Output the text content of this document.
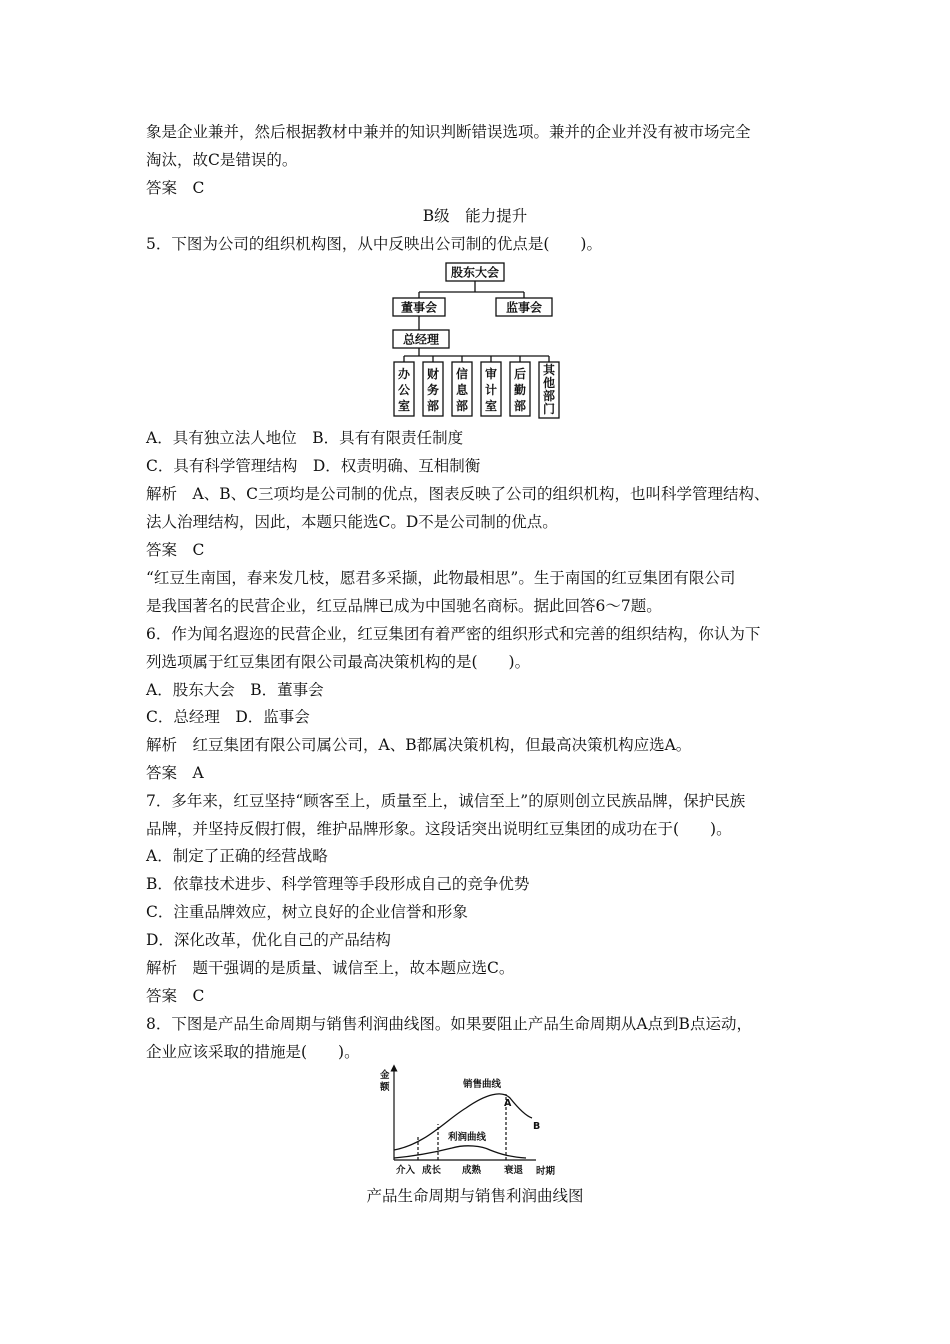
象是企业兼并，然后根据教材中兼并的知识判断错误选项。兼并的企业并没有被市场完全
淘汰，故C是错误的。
答案　C
B级　能力提升
5．下图为公司的组织机构图，从中反映出公司制的优点是(　　)。
股东大会
董事会	监事会
总经理
办
公
室
财
务
部
信
息
部
审
计
室
后
勤
部
其
他
部
门
A．具有独立法人地位　B．具有有限责任制度
C．具有科学管理结构　D．权责明确、互相制衡
解析　A、B、C三项均是公司制的优点，图表反映了公司的组织机构，也叫科学管理结构、
法人治理结构，因此，本题只能选C。D不是公司制的优点。
答案　C
“红豆生南国，春来发几枝，愿君多采撷，此物最相思”。生于南国的红豆集团有限公司
是我国著名的民营企业，红豆品牌已成为中国驰名商标。据此回答6～7题。
6．作为闻名遐迩的民营企业，红豆集团有着严密的组织形式和完善的组织结构，你认为下
列选项属于红豆集团有限公司最高决策机构的是(　　)。
A．股东大会　B．董事会
C．总经理　D．监事会
解析　红豆集团有限公司属公司，A、B都属决策机构，但最高决策机构应选A。
答案　A
7．多年来，红豆坚持“顾客至上，质量至上，诚信至上”的原则创立民族品牌，保护民族
品牌，并坚持反假打假，维护品牌形象。这段话突出说明红豆集团的成功在于(　　)。
A．制定了正确的经营战略
B．依靠技术进步、科学管理等手段形成自己的竞争优势
C．注重品牌效应，树立良好的企业信誉和形象
D．深化改革，优化自己的产品结构
解析　题干强调的是质量、诚信至上，故本题应选C。
答案　C
8．下图是产品生命周期与销售利润曲线图。如果要阻止产品生命周期从A点到B点运动，
企业应该采取的措施是(　　)。
金
额	销售曲线
利润曲线
A
B
介入 成长 成熟 衰退 时期
产品生命周期与销售利润曲线图
